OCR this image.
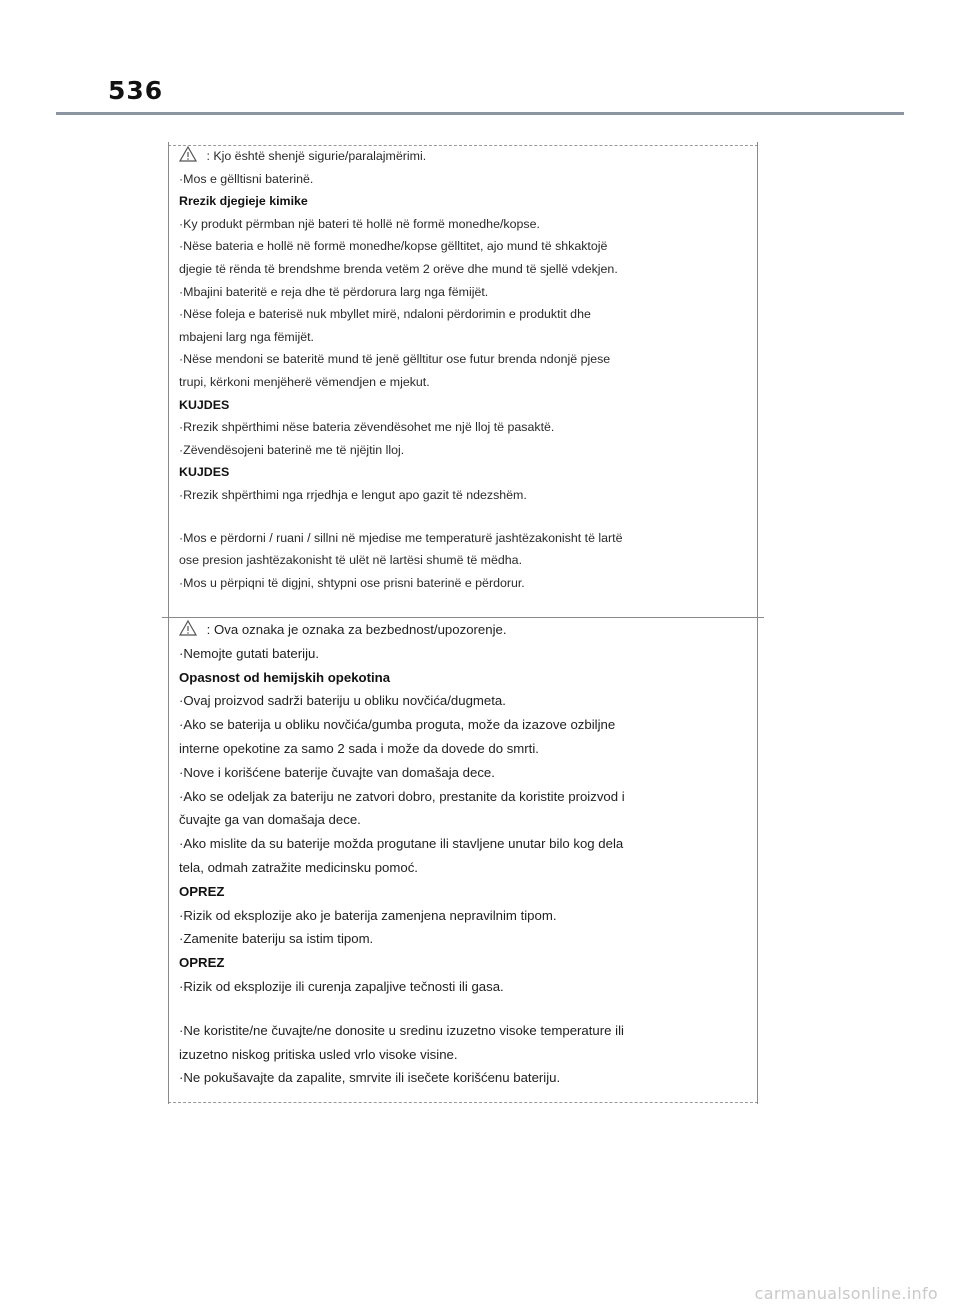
536
: Kjo është shenjë sigurie/paralajmërimi.
·Mos e gëlltisni baterinë.
Rrezik djegieje kimike
·Ky produkt përmban një bateri të hollë në formë monedhe/kopse.
·Nëse bateria e hollë në formë monedhe/kopse gëlltitet, ajo mund të shkaktojë
djegie të rënda të brendshme brenda vetëm 2 orëve dhe mund të sjellë vdekjen.
·Mbajini bateritë e reja dhe të përdorura larg nga fëmijët.
·Nëse foleja e baterisë nuk mbyllet mirë, ndaloni përdorimin e produktit dhe
mbajeni larg nga fëmijët.
·Nëse mendoni se bateritë mund të jenë gëlltitur ose futur brenda ndonjë pjese
trupi, kërkoni menjëherë vëmendjen e mjekut.
KUJDES
·Rrezik shpërthimi nëse bateria zëvendësohet me një lloj të pasaktë.
·Zëvendësojeni baterinë me të njëjtin lloj.
KUJDES
·Rrezik shpërthimi nga rrjedhja e lengut apo gazit të ndezshëm.
·Mos e përdorni / ruani / sillni në mjedise me temperaturë jashtëzakonisht të lartë
ose presion jashtëzakonisht të ulët në lartësi shumë të mëdha.
·Mos u përpiqni të digjni, shtypni ose prisni baterinë e përdorur.
: Ova oznaka je oznaka za bezbednost/upozorenje.
·Nemojte gutati bateriju.
Opasnost od hemijskih opekotina
·Ovaj proizvod sadrži bateriju u obliku novčića/dugmeta.
·Ako se baterija u obliku novčića/gumba proguta, može da izazove ozbiljne
interne opekotine za samo 2 sada i može da dovede do smrti.
·Nove i korišćene baterije čuvajte van domašaja dece.
·Ako se odeljak za bateriju ne zatvori dobro, prestanite da koristite proizvod i
čuvajte ga van domašaja dece.
·Ako mislite da su baterije možda progutane ili stavljene unutar bilo kog dela
tela, odmah zatražite medicinsku pomoć.
OPREZ
·Rizik od eksplozije ako je baterija zamenjena nepravilnim tipom.
·Zamenite bateriju sa istim tipom.
OPREZ
·Rizik od eksplozije ili curenja zapaljive tečnosti ili gasa.
·Ne koristite/ne čuvajte/ne donosite u sredinu izuzetno visoke temperature ili
izuzetno niskog pritiska usled vrlo visoke visine.
·Ne pokušavajte da zapalite, smrvite ili isečete korišćenu bateriju.
carmanualsonline.info
